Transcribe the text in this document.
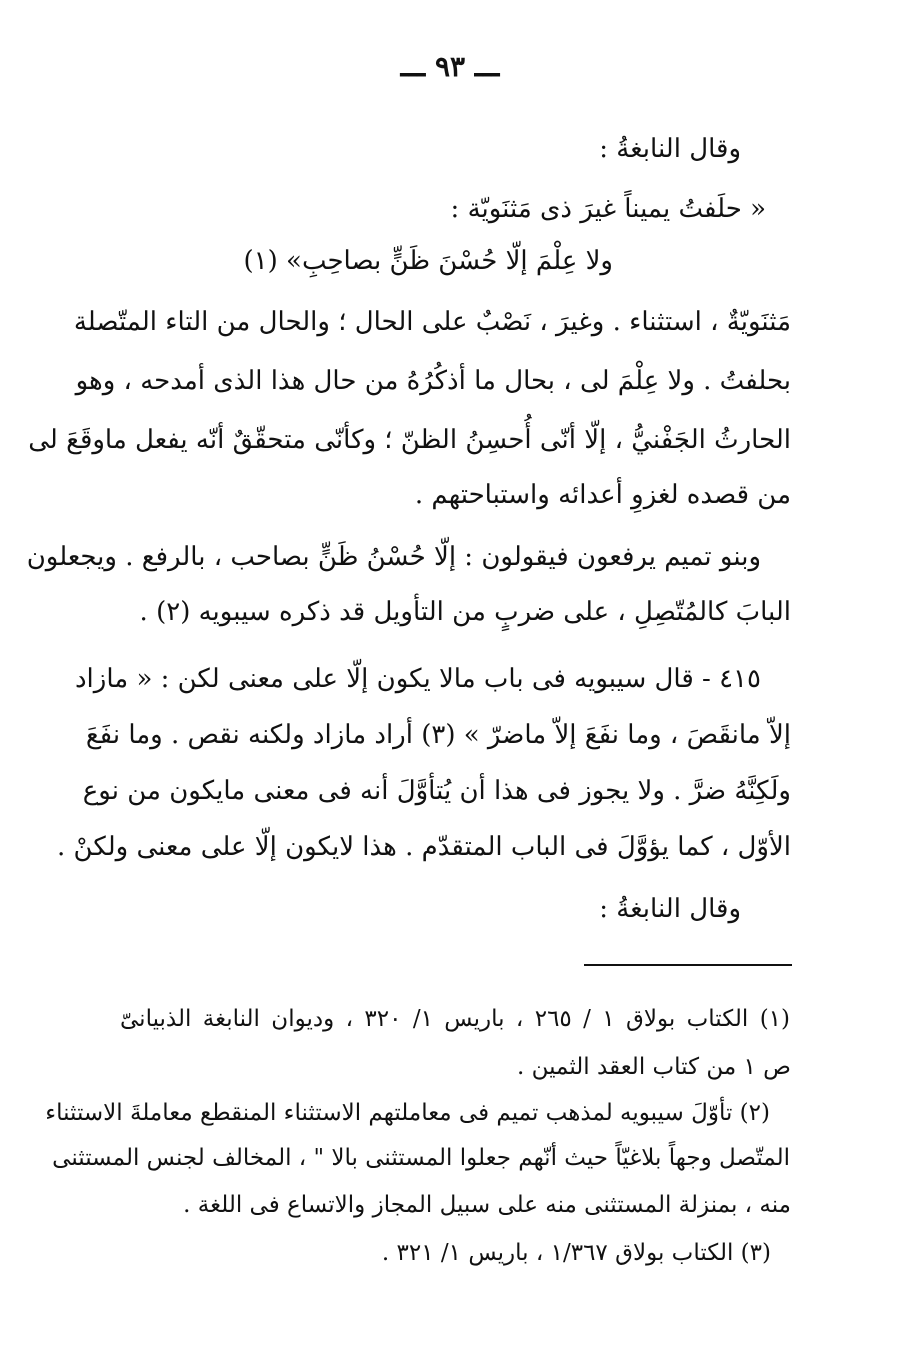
ـــ ٩٣ ـــ
وقال النابغةُ :
« حلَفتُ يميناً غيرَ ذى مَثنَويّة :
ولا عِلْمَ إلّا حُسْنَ ظَنٍّ بصاحِبِ» (١)
مَثنَويّةٌ ، استثناء . وغيرَ ، نَصْبٌ على الحال ؛ والحال من التاء المتّصلة
بحلفتُ . ولا عِلْمَ لى ، بحال ما أذكُرُهُ من حال هذا الذى أمدحه ، وهو
الحارثُ الجَفْنيُّ ، إلّا أنّى أُحسِنُ الظنّ ؛ وكأنّى متحقّقٌ أنّه يفعل ماوقَعَ لى
من قصده لغزوِ أعدائه واستباحتهم .
وبنو تميم يرفعون فيقولون : إلّا حُسْنُ ظَنٍّ بصاحب ، بالرفع . ويجعلون
البابَ كالمُتّصِلِ ، على ضربٍ من التأويل قد ذكره سيبويه (٢) .
٤١٥ - قال سيبويه فى باب مالا يكون إلّا على معنى لكن : « مازاد
إلاّ مانقَصَ ، وما نفَعَ إلاّ ماضرّ » (٣) أراد مازاد ولكنه نقص . وما نفَعَ
ولَكِنَّهُ ضرَّ . ولا يجوز فى هذا أن يُتأوَّلَ أنه فى معنى مايكون من نوع
الأوّل ، كما يؤوَّلَ فى الباب المتقدّم . هذا لايكون إلّا على معنى ولكنْ .
وقال النابغةُ :
(١) الكتاب بولاق ١ / ٢٦٥ ، باريس ١/ ٣٢٠ ، وديوان النابغة الذبيانىّ
ص ١ من كتاب العقد الثمين .
(٢) تأوّلَ سيبويه لمذهب تميم فى معاملتهم الاستثناء المنقطع معاملةَ الاستثناء
المتّصل وجهاً بلاغيّاً حيث أنّهم جعلوا المستثنى بالا " ، المخالف لجنس المستثنى
منه ، بمنزلة المستثنى منه على سبيل المجاز والاتساع فى اللغة .
(٣) الكتاب بولاق ١/٣٦٧ ، باريس ١/ ٣٢١ .
